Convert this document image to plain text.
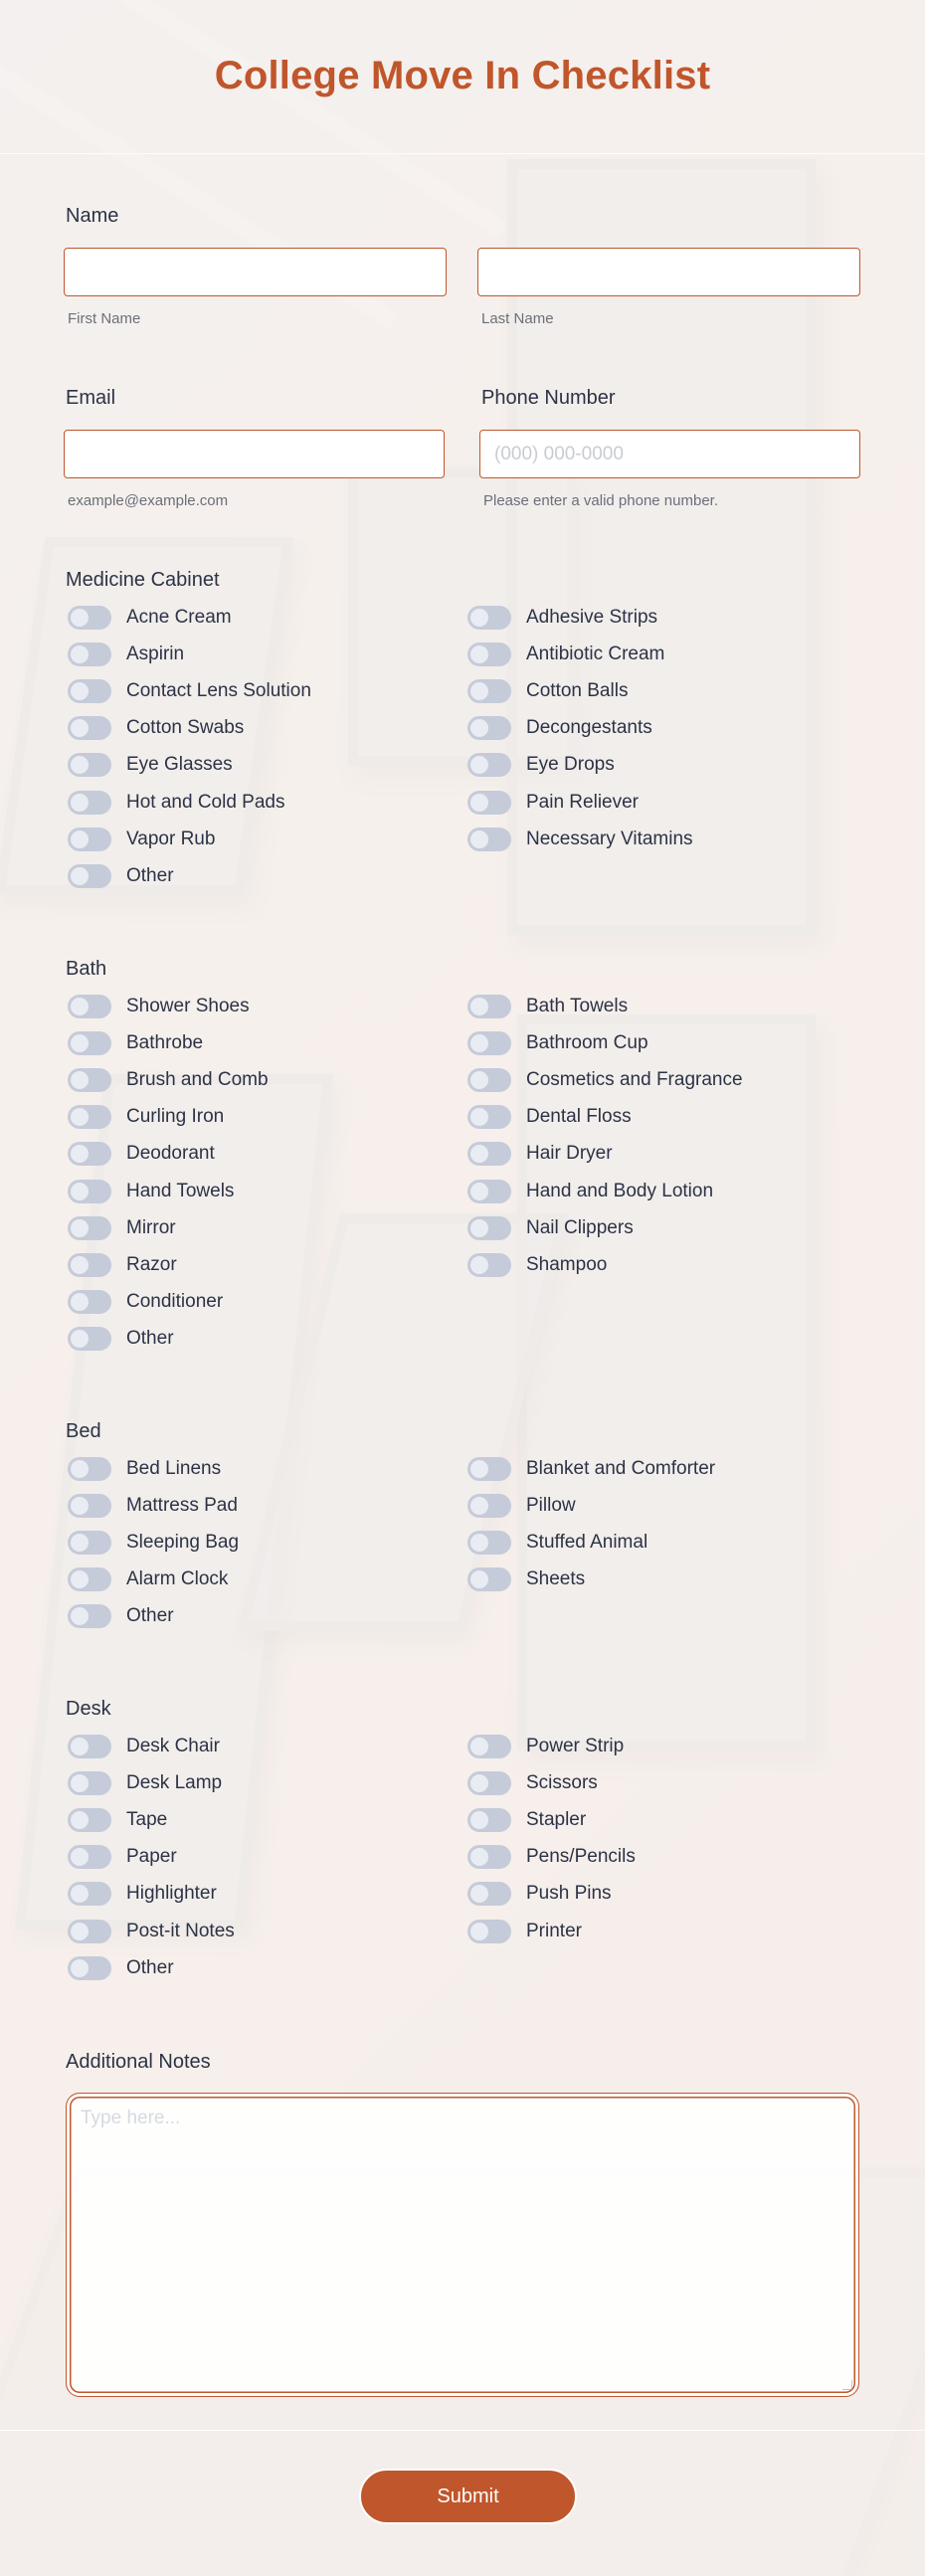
College Move In Checklist
Name
First Name	Last Name
Email	Phone Number
(000) 000-0000
example@example.com	Please enter a valid phone number.
Medicine Cabinet
Acne Cream
Aspirin
Contact Lens Solution
Cotton Swabs
Eye Glasses
Hot and Cold Pads
Vapor Rub
Other
Adhesive Strips
Antibiotic Cream
Cotton Balls
Decongestants
Eye Drops
Pain Reliever
Necessary Vitamins
Bath
Shower Shoes
Bathrobe
Brush and Comb
Curling Iron
Deodorant
Hand Towels
Mirror
Razor
Conditioner
Other
Bath Towels
Bathroom Cup
Cosmetics and Fragrance
Dental Floss
Hair Dryer
Hand and Body Lotion
Nail Clippers
Shampoo
Bed
Bed Linens
Mattress Pad
Sleeping Bag
Alarm Clock
Other
Blanket and Comforter
Pillow
Stuffed Animal
Sheets
Desk
Desk Chair
Desk Lamp
Tape
Paper
Highlighter
Post-it Notes
Other
Power Strip
Scissors
Stapler
Pens/Pencils
Push Pins
Printer
Additional Notes
Type here...
Submit
